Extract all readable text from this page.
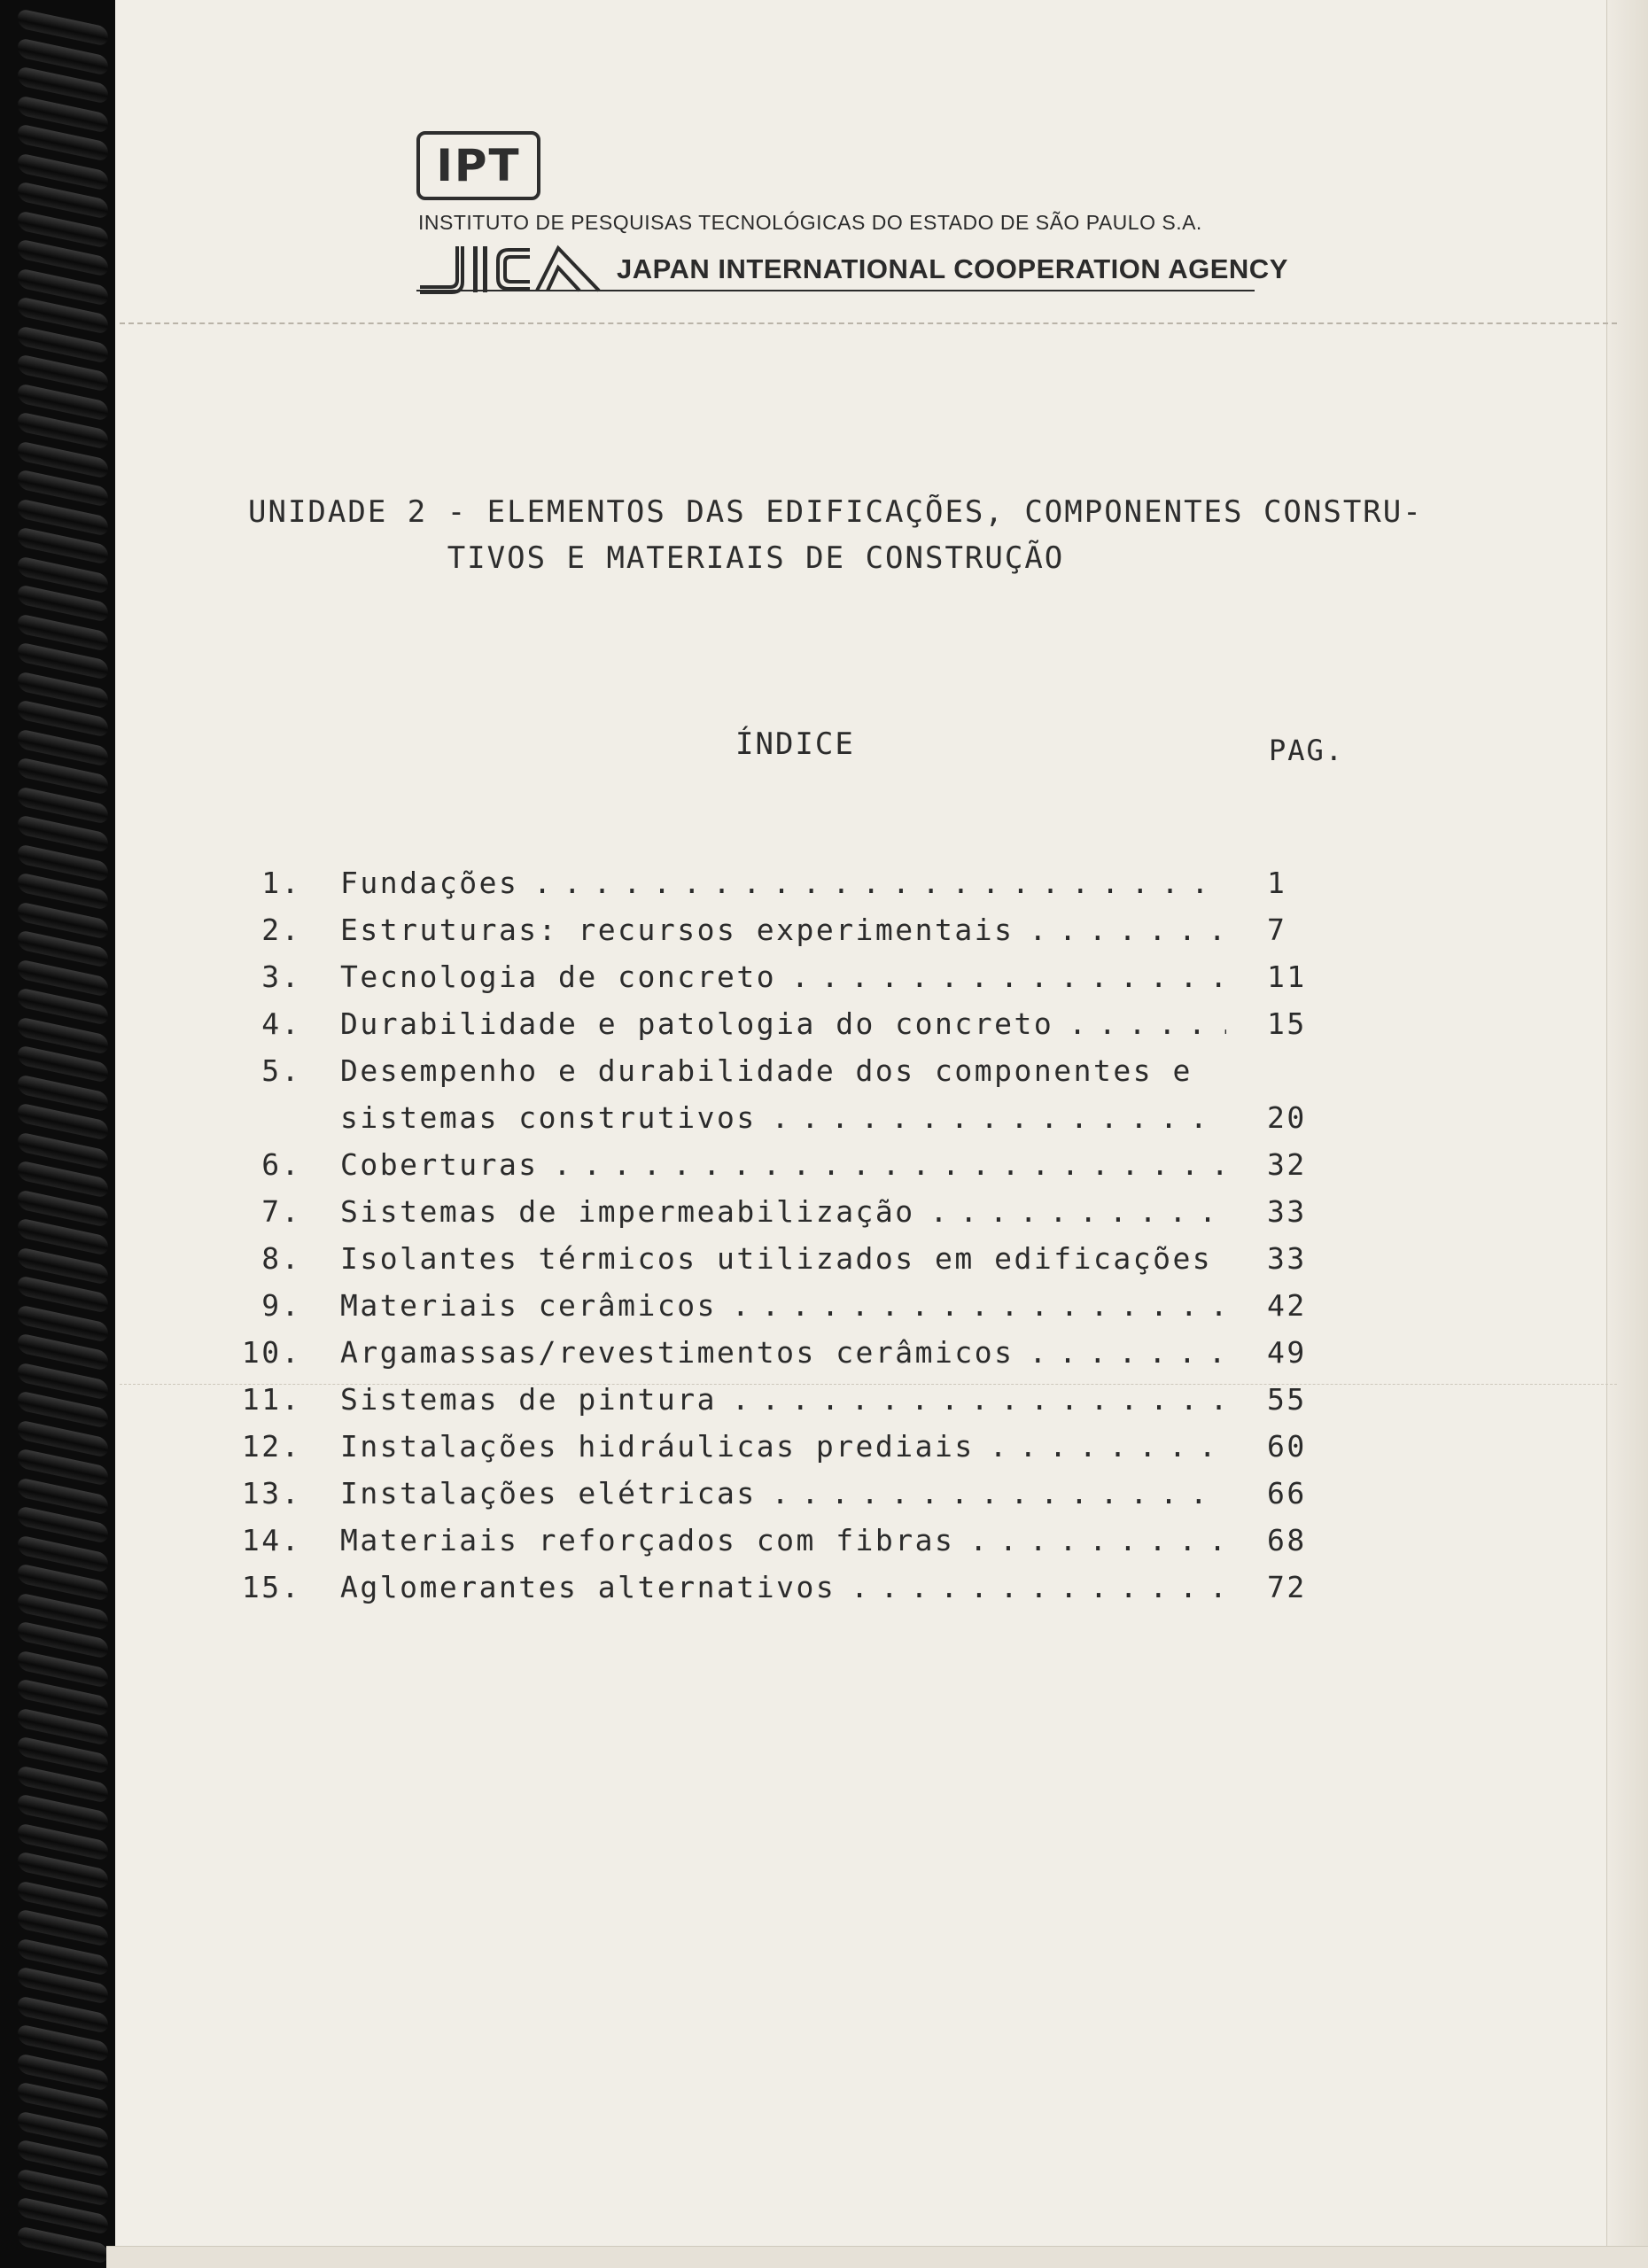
IPT
INSTITUTO DE PESQUISAS TECNOLÓGICAS DO ESTADO DE SÃO PAULO S.A.
JAPAN INTERNATIONAL COOPERATION AGENCY
UNIDADE 2 - ELEMENTOS DAS EDIFICAÇÕES, COMPONENTES CONSTRU-
TIVOS E MATERIAIS DE CONSTRUÇÃO
ÍNDICE	PAG.
1. Fundações . . .	1
2. Estruturas: recursos experimentais . . .	7
3. Tecnologia de concreto . . .	11
4. Durabilidade e patologia do concreto . . .	15
5. Desempenho e durabilidade dos componentes e
sistemas construtivos . . .	20
6. Coberturas . . .	32
7. Sistemas de impermeabilização . . .	33
8. Isolantes térmicos utilizados em edificações . . .	33
9. Materiais cerâmicos . . .	42
10. Argamassas/revestimentos cerâmicos . . .	49
11. Sistemas de pintura . . .	55
12. Instalações hidráulicas prediais . . .	60
13. Instalações elétricas . . .	66
14. Materiais reforçados com fibras . . .	68
15. Aglomerantes alternativos . . .	72
